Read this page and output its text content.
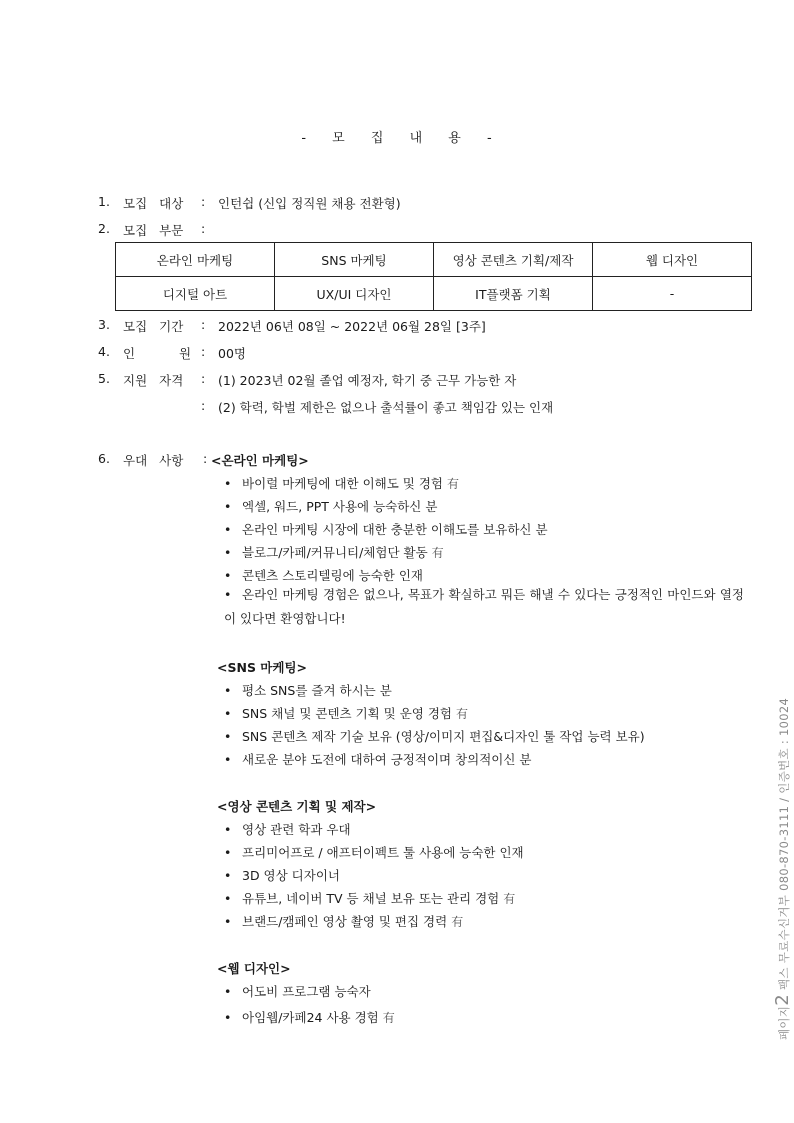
- 모 집 내 용 -
1. 모집 대상 : 인턴쉽 (신입 정직원 채용 전환형)
2. 모집 부문 :
온라인 마케팅	SNS 마케팅	영상 콘텐츠 기획/제작	웹 디자인
디지털 아트	UX/UI 디자인	IT플랫폼 기획	-
3. 모집 기간 : 2022년 06년 08일 ~ 2022년 06월 28일 [3주]
4. 인 원 : 00명
5. 지원 자격 : (1) 2023년 02월 졸업 예정자, 학기 중 근무 가능한 자
: (2) 학력, 학벌 제한은 없으나 출석률이 좋고 책임감 있는 인재
6. 우대 사항 : <온라인 마케팅>
• 바이럴 마케팅에 대한 이해도 및 경험 有
• 엑셀, 워드, PPT 사용에 능숙하신 분
• 온라인 마케팅 시장에 대한 충분한 이해도를 보유하신 분
• 블로그/카페/커뮤니티/체험단 활동 有
• 콘텐츠 스토리텔링에 능숙한 인재
• 온라인 마케팅 경험은 없으나, 목표가 확실하고 뭐든 해낼 수 있다는 긍정적인 마인드와 열정이 있다면 환영합니다!
<SNS 마케팅>
• 평소 SNS를 즐겨 하시는 분
• SNS 채널 및 콘텐츠 기획 및 운영 경험 有
• SNS 콘텐츠 제작 기술 보유 (영상/이미지 편집&디자인 툴 작업 능력 보유)
• 새로운 분야 도전에 대하여 긍정적이며 창의적이신 분
<영상 콘텐츠 기획 및 제작>
• 영상 관련 학과 우대
• 프리미어프로 / 애프터이펙트 툴 사용에 능숙한 인재
• 3D 영상 디자이너
• 유튜브, 네이버 TV 등 채널 보유 또는 관리 경험 有
• 브랜드/캠페인 영상 촬영 및 편집 경력 有
<웹 디자인>
• 어도비 프로그램 능숙자
• 아임웹/카페24 사용 경험 有	페이지2 팩스 무료수신거부 080-870-3111 / 인증번호 : 10024
